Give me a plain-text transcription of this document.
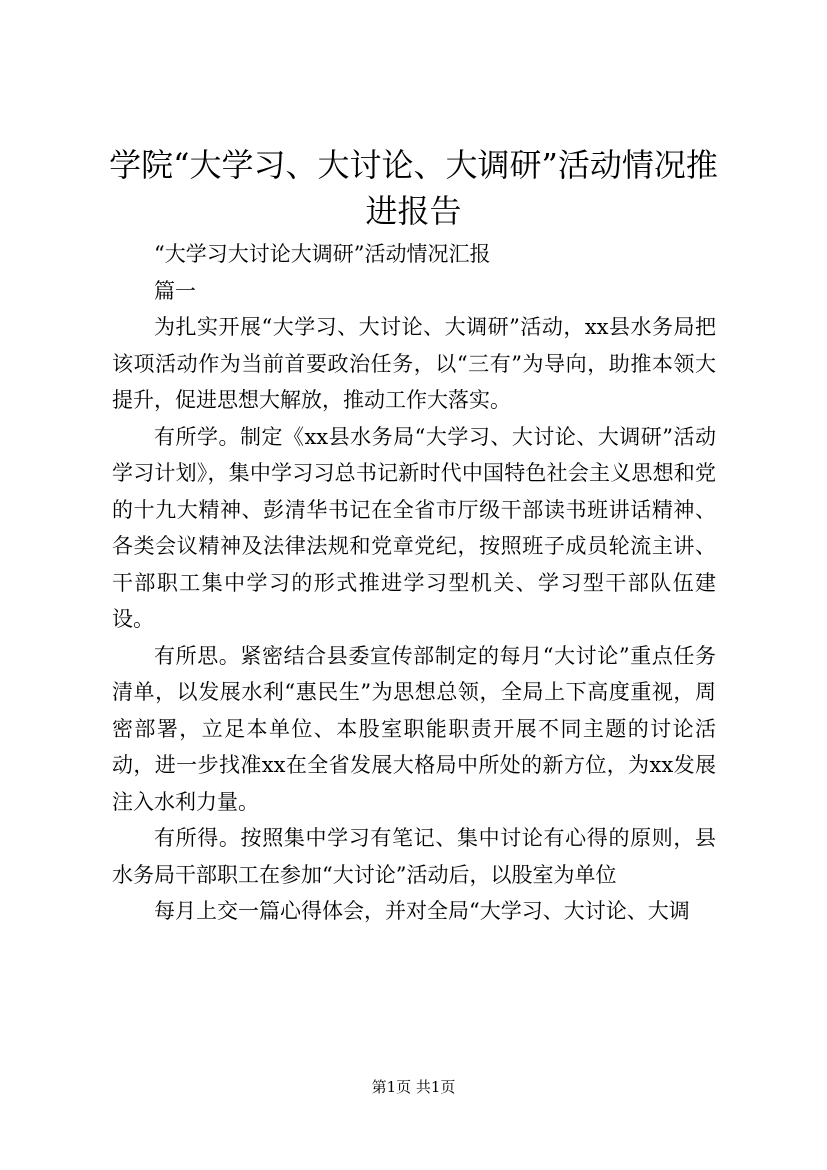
学院“大学习、大讨论、大调研”活动情况推进报告

“大学习大讨论大调研”活动情况汇报

篇一

为扎实开展“大学习、大讨论、大调研”活动，xx县水务局把该项活动作为当前首要政治任务，以“三有”为导向，助推本领大提升，促进思想大解放，推动工作大落实。

有所学。制定《xx县水务局“大学习、大讨论、大调研”活动学习计划》，集中学习习总书记新时代中国特色社会主义思想和党的十九大精神、彭清华书记在全省市厅级干部读书班讲话精神、各类会议精神及法律法规和党章党纪，按照班子成员轮流主讲、干部职工集中学习的形式推进学习型机关、学习型干部队伍建设。

有所思。紧密结合县委宣传部制定的每月“大讨论”重点任务清单，以发展水利“惠民生”为思想总领，全局上下高度重视，周密部署，立足本单位、本股室职能职责开展不同主题的讨论活动，进一步找准xx在全省发展大格局中所处的新方位，为xx发展注入水利力量。

有所得。按照集中学习有笔记、集中讨论有心得的原则，县水务局干部职工在参加“大讨论”活动后，以股室为单位

每月上交一篇心得体会，并对全局“大学习、大讨论、大调

第1页 共1页
